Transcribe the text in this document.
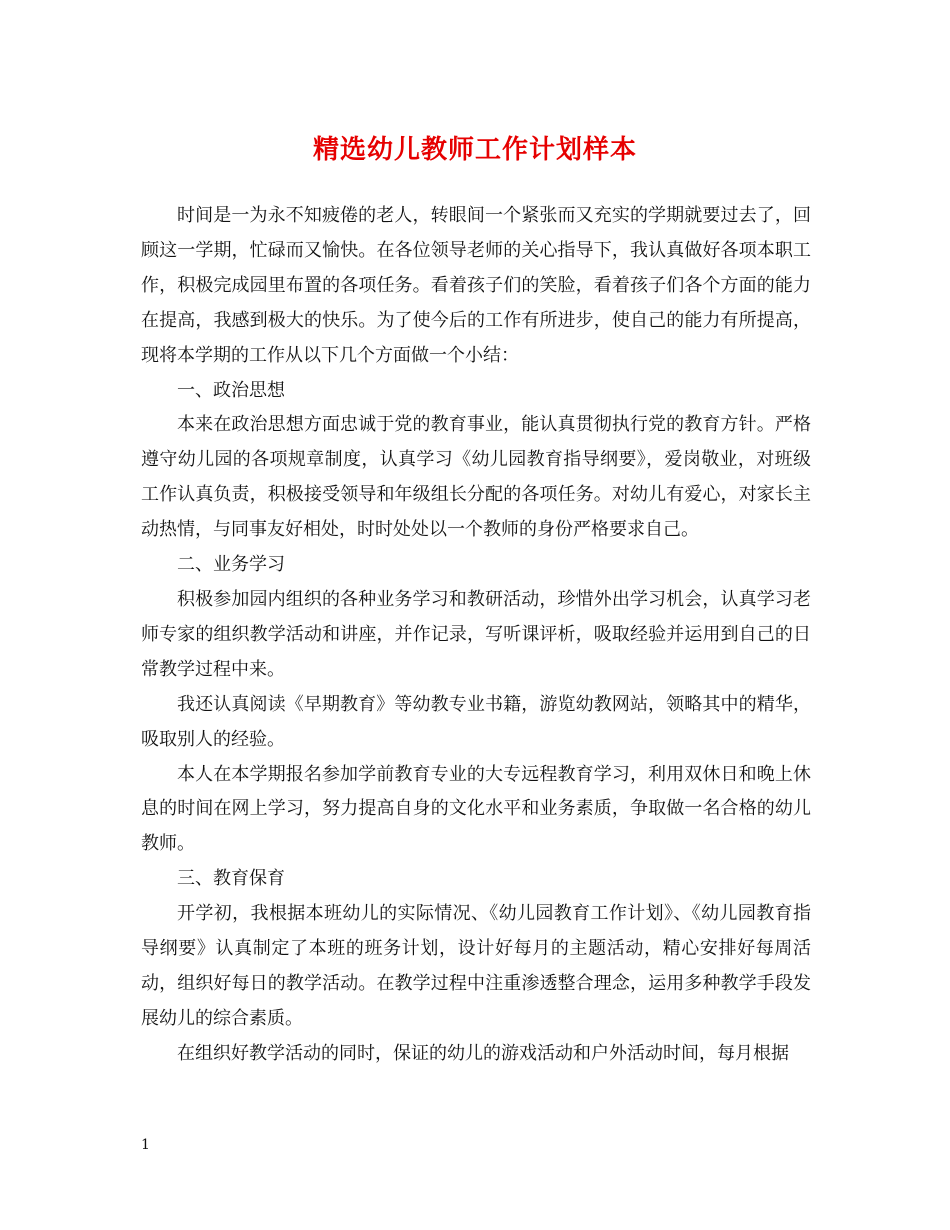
精选幼儿教师工作计划样本

时间是一为永不知疲倦的老人，转眼间一个紧张而又充实的学期就要过去了，回顾这一学期，忙碌而又愉快。在各位领导老师的关心指导下，我认真做好各项本职工作，积极完成园里布置的各项任务。看着孩子们的笑脸，看着孩子们各个方面的能力在提高，我感到极大的快乐。为了使今后的工作有所进步，使自己的能力有所提高，现将本学期的工作从以下几个方面做一个小结：

一、政治思想

本来在政治思想方面忠诚于党的教育事业，能认真贯彻执行党的教育方针。严格遵守幼儿园的各项规章制度，认真学习《幼儿园教育指导纲要》，爱岗敬业，对班级工作认真负责，积极接受领导和年级组长分配的各项任务。对幼儿有爱心，对家长主动热情，与同事友好相处，时时处处以一个教师的身份严格要求自己。

二、业务学习

积极参加园内组织的各种业务学习和教研活动，珍惜外出学习机会，认真学习老师专家的组织教学活动和讲座，并作记录，写听课评析，吸取经验并运用到自己的日常教学过程中来。

我还认真阅读《早期教育》等幼教专业书籍，游览幼教网站，领略其中的精华，吸取别人的经验。

本人在本学期报名参加学前教育专业的大专远程教育学习，利用双休日和晚上休息的时间在网上学习，努力提高自身的文化水平和业务素质，争取做一名合格的幼儿教师。

三、教育保育

开学初，我根据本班幼儿的实际情况、《幼儿园教育工作计划》、《幼儿园教育指导纲要》认真制定了本班的班务计划，设计好每月的主题活动，精心安排好每周活动，组织好每日的教学活动。在教学过程中注重渗透整合理念，运用多种教学手段发展幼儿的综合素质。

在组织好教学活动的同时，保证的幼儿的游戏活动和户外活动时间，每月根据

1
